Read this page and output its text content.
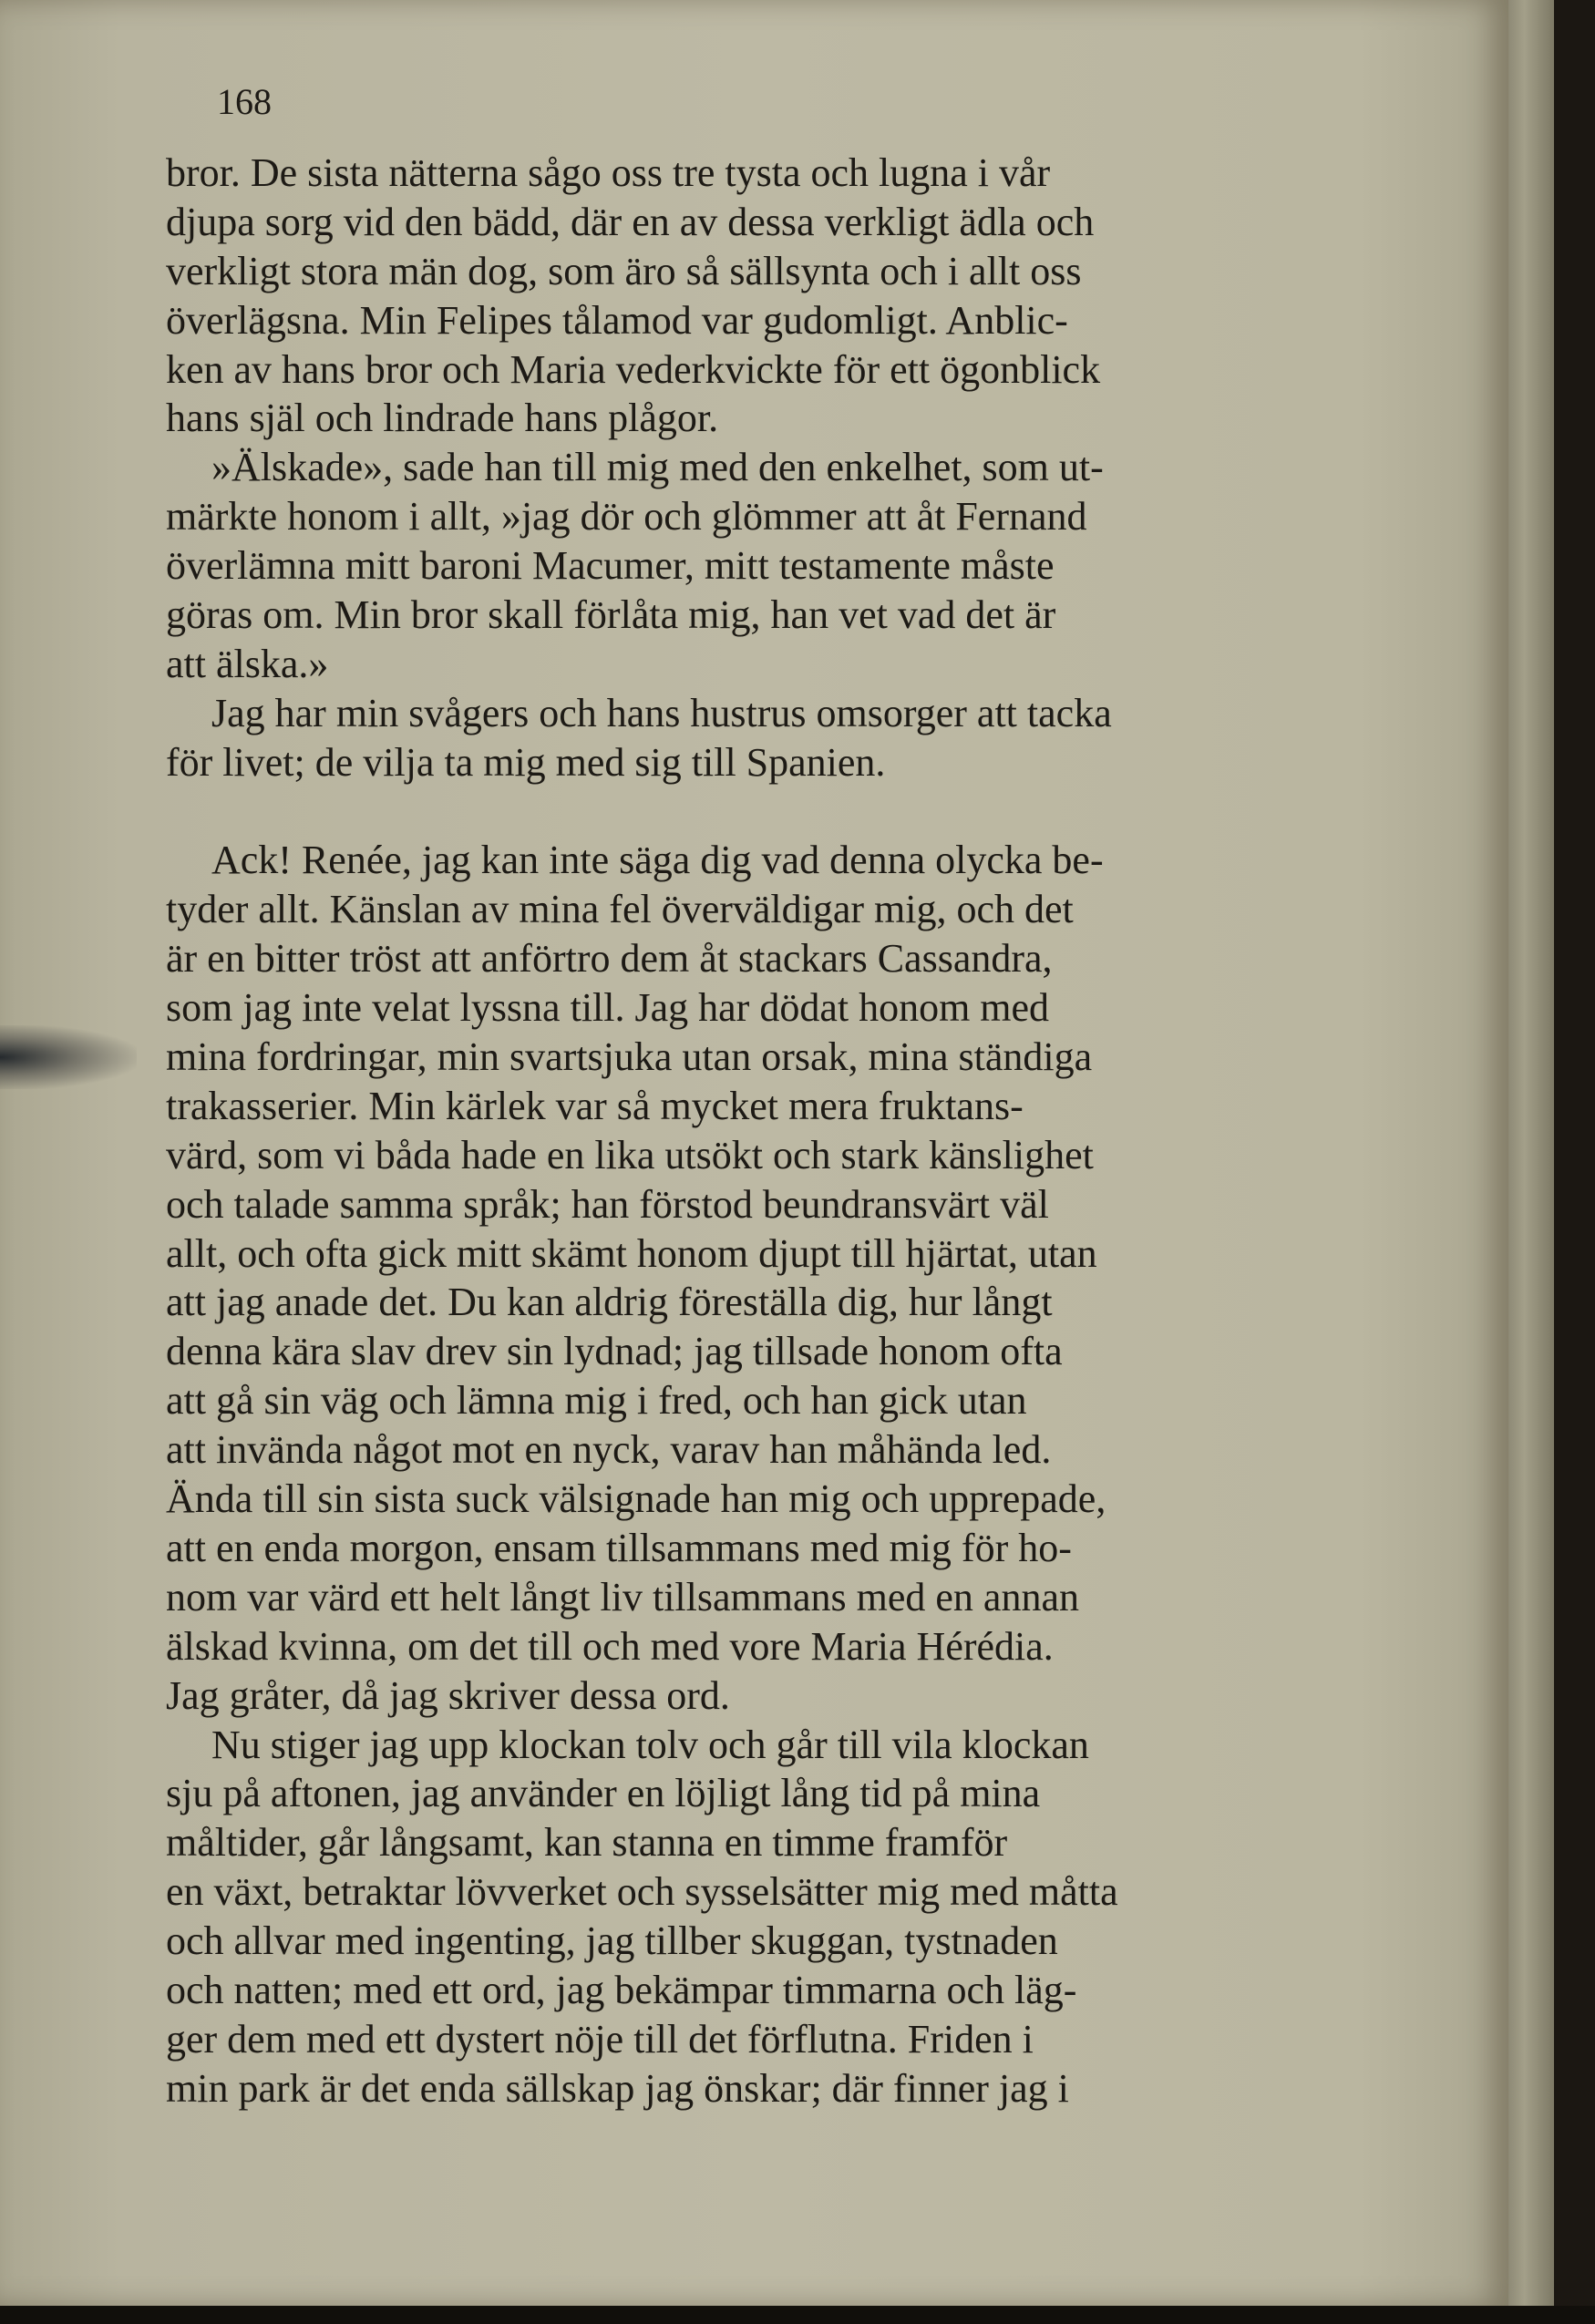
168
bror. De sista nätterna sågo oss tre tysta och lugna i vår
djupa sorg vid den bädd, där en av dessa verkligt ädla och
verkligt stora män dog, som äro så sällsynta och i allt oss
överlägsna. Min Felipes tålamod var gudomligt. Anblic-
ken av hans bror och Maria vederkvickte för ett ögonblick
hans själ och lindrade hans plågor.
»Älskade», sade han till mig med den enkelhet, som ut-
märkte honom i allt, »jag dör och glömmer att åt Fernand
överlämna mitt baroni Macumer, mitt testamente måste
göras om. Min bror skall förlåta mig, han vet vad det är
att älska.»
Jag har min svågers och hans hustrus omsorger att tacka
för livet; de vilja ta mig med sig till Spanien.
Ack! Renée, jag kan inte säga dig vad denna olycka be-
tyder allt. Känslan av mina fel överväldigar mig, och det
är en bitter tröst att anförtro dem åt stackars Cassandra,
som jag inte velat lyssna till. Jag har dödat honom med
mina fordringar, min svartsjuka utan orsak, mina ständiga
trakasserier. Min kärlek var så mycket mera fruktans-
värd, som vi båda hade en lika utsökt och stark känslighet
och talade samma språk; han förstod beundransvärt väl
allt, och ofta gick mitt skämt honom djupt till hjärtat, utan
att jag anade det. Du kan aldrig föreställa dig, hur långt
denna kära slav drev sin lydnad; jag tillsade honom ofta
att gå sin väg och lämna mig i fred, och han gick utan
att invända något mot en nyck, varav han måhända led.
Ända till sin sista suck välsignade han mig och upprepade,
att en enda morgon, ensam tillsammans med mig för ho-
nom var värd ett helt långt liv tillsammans med en annan
älskad kvinna, om det till och med vore Maria Hérédia.
Jag gråter, då jag skriver dessa ord.
Nu stiger jag upp klockan tolv och går till vila klockan
sju på aftonen, jag använder en löjligt lång tid på mina
måltider, går långsamt, kan stanna en timme framför
en växt, betraktar lövverket och sysselsätter mig med måtta
och allvar med ingenting, jag tillber skuggan, tystnaden
och natten; med ett ord, jag bekämpar timmarna och läg-
ger dem med ett dystert nöje till det förflutna. Friden i
min park är det enda sällskap jag önskar; där finner jag i
